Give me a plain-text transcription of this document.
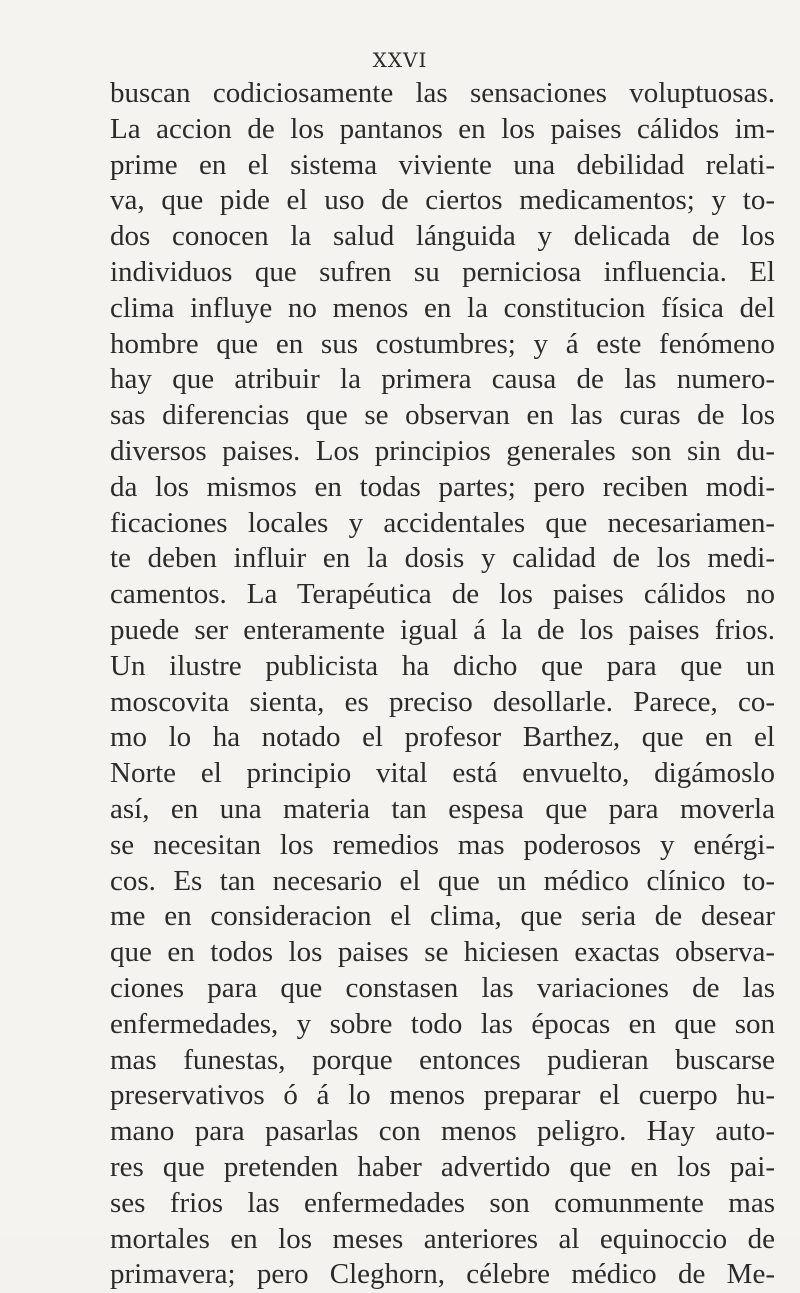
XXVI
buscan codiciosamente las sensaciones voluptuosas.
La accion de los pantanos en los paises cálidos im-
prime en el sistema viviente una debilidad relati-
va, que pide el uso de ciertos medicamentos; y to-
dos conocen la salud lánguida y delicada de los
individuos que sufren su perniciosa influencia. El
clima influye no menos en la constitucion física del
hombre que en sus costumbres; y á este fenómeno
hay que atribuir la primera causa de las numero-
sas diferencias que se observan en las curas de los
diversos paises. Los principios generales son sin du-
da los mismos en todas partes; pero reciben modi-
ficaciones locales y accidentales que necesariamen-
te deben influir en la dosis y calidad de los medi-
camentos. La Terapéutica de los paises cálidos no
puede ser enteramente igual á la de los paises frios.
Un ilustre publicista ha dicho que para que un
moscovita sienta, es preciso desollarle. Parece, co-
mo lo ha notado el profesor Barthez, que en el
Norte el principio vital está envuelto, digámoslo
así, en una materia tan espesa que para moverla
se necesitan los remedios mas poderosos y enérgi-
cos. Es tan necesario el que un médico clínico to-
me en consideracion el clima, que seria de desear
que en todos los paises se hiciesen exactas observa-
ciones para que constasen las variaciones de las
enfermedades, y sobre todo las épocas en que son
mas funestas, porque entonces pudieran buscarse
preservativos ó á lo menos preparar el cuerpo hu-
mano para pasarlas con menos peligro. Hay auto-
res que pretenden haber advertido que en los pai-
ses frios las enfermedades son comunmente mas
mortales en los meses anteriores al equinoccio de
primavera; pero Cleghorn, célebre médico de Me-
